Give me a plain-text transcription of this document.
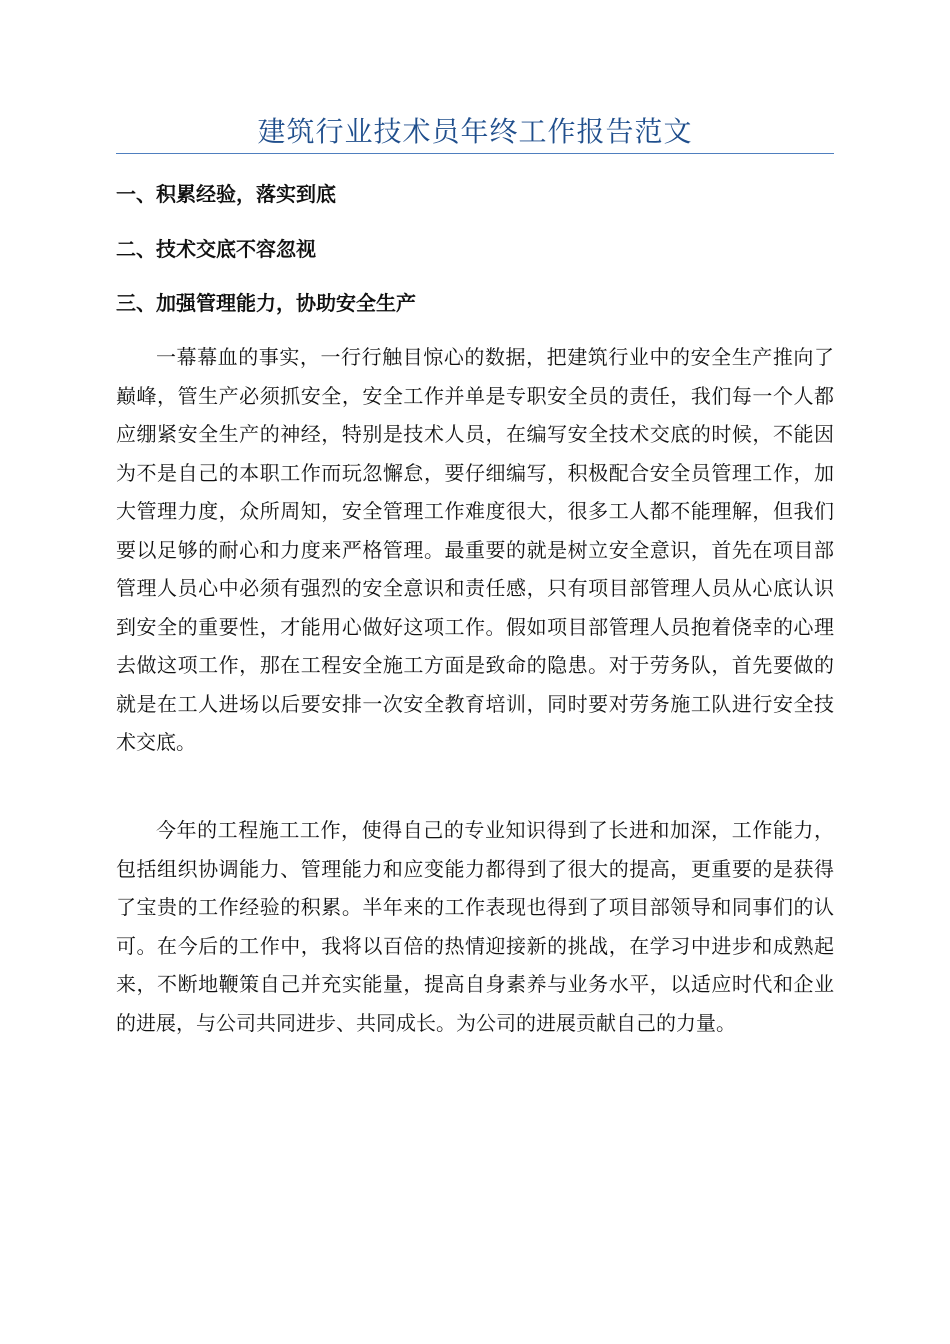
建筑行业技术员年终工作报告范文
一、积累经验，落实到底
二、技术交底不容忽视
三、加强管理能力，协助安全生产

一幕幕血的事实，一行行触目惊心的数据，把建筑行业中的安全生产推向了巅峰，管生产必须抓安全，安全工作并单是专职安全员的责任，我们每一个人都应绷紧安全生产的神经，特别是技术人员，在编写安全技术交底的时候，不能因为不是自己的本职工作而玩忽懈怠，要仔细编写，积极配合安全员管理工作，加大管理力度，众所周知，安全管理工作难度很大，很多工人都不能理解，但我们要以足够的耐心和力度来严格管理。最重要的就是树立安全意识，首先在项目部管理人员心中必须有强烈的安全意识和责任感，只有项目部管理人员从心底认识到安全的重要性，才能用心做好这项工作。假如项目部管理人员抱着侥幸的心理去做这项工作，那在工程安全施工方面是致命的隐患。对于劳务队，首先要做的就是在工人进场以后要安排一次安全教育培训，同时要对劳务施工队进行安全技术交底。

今年的工程施工工作，使得自己的专业知识得到了长进和加深，工作能力，包括组织协调能力、管理能力和应变能力都得到了很大的提高，更重要的是获得了宝贵的工作经验的积累。半年来的工作表现也得到了项目部领导和同事们的认可。在今后的工作中，我将以百倍的热情迎接新的挑战，在学习中进步和成熟起来，不断地鞭策自己并充实能量，提高自身素养与业务水平，以适应时代和企业的进展，与公司共同进步、共同成长。为公司的进展贡献自己的力量。
